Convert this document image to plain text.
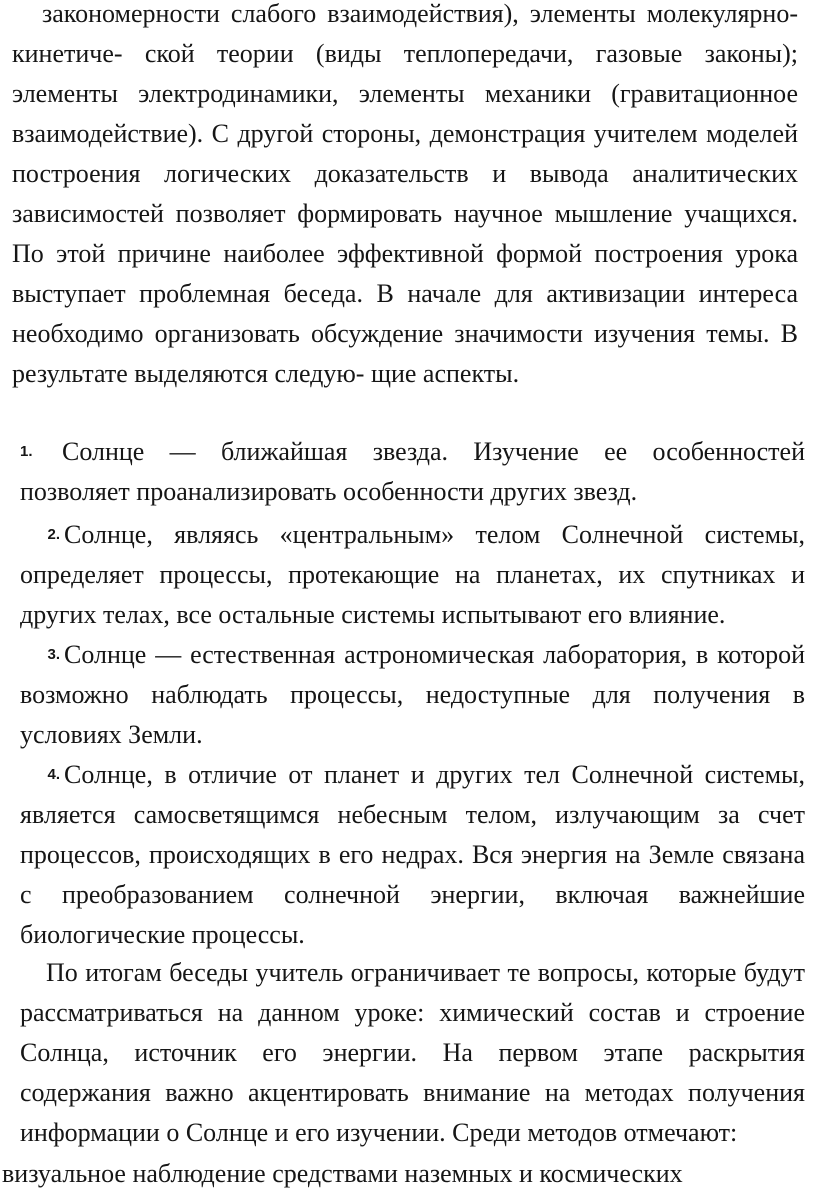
закономерности слабого взаимодействия), элементы молекулярно-кинетиче- ской теории (виды теплопередачи, газовые законы); элементы электродинамики, элементы механики (гравитационное взаимодействие). С другой стороны, демонстрация учителем моделей построения логических доказательств и вывода аналитических зависимостей позволяет формировать научное мышление учащихся. По этой причине наиболее эффективной формой построения урока выступает проблемная беседа. В начале для активизации интереса необходимо организовать обсуждение значимости изучения темы. В результате выделяются следую- щие аспекты.

1. Солнце — ближайшая звезда. Изучение ее особенностей позволяет проанализировать особенности других звезд.

2. Солнце, являясь «центральным» телом Солнечной системы, определяет процессы, протекающие на планетах, их спутниках и других телах, все остальные системы испытывают его влияние.

3. Солнце — естественная астрономическая лаборатория, в которой возможно наблюдать процессы, недоступные для получения в условиях Земли.

4. Солнце, в отличие от планет и других тел Солнечной системы, является самосветящимся небесным телом, излучающим за счет процессов, происходящих в его недрах. Вся энергия на Земле связана с преобразованием солнечной энергии, включая важнейшие биологические процессы.

По итогам беседы учитель ограничивает те вопросы, которые будут рассматриваться на данном уроке: химический состав и строение Солнца, источник его энергии. На первом этапе раскрытия содержания важно акцентировать внимание на методах получения информации о Солнце и его изучении. Среди методов отмечают:

визуальное наблюдение средствами наземных и космических
